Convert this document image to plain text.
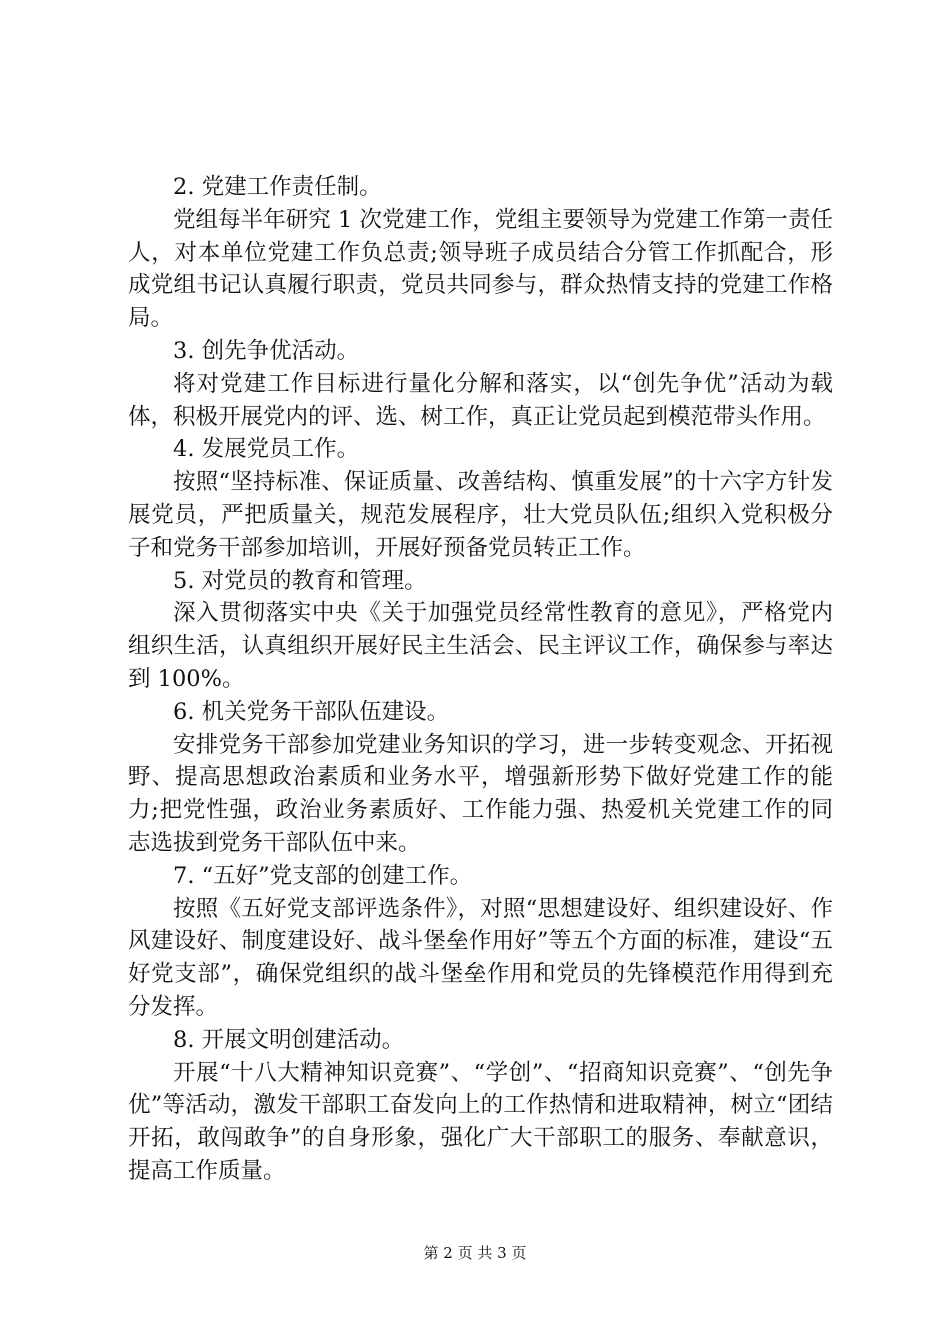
2. 党建工作责任制。

党组每半年研究 1 次党建工作，党组主要领导为党建工作第一责任人，对本单位党建工作负总责;领导班子成员结合分管工作抓配合，形成党组书记认真履行职责，党员共同参与，群众热情支持的党建工作格局。

3. 创先争优活动。

将对党建工作目标进行量化分解和落实，以“创先争优”活动为载体，积极开展党内的评、选、树工作，真正让党员起到模范带头作用。

4. 发展党员工作。

按照“坚持标准、保证质量、改善结构、慎重发展”的十六字方针发展党员，严把质量关，规范发展程序，壮大党员队伍;组织入党积极分子和党务干部参加培训，开展好预备党员转正工作。

5. 对党员的教育和管理。

深入贯彻落实中央《关于加强党员经常性教育的意见》，严格党内组织生活，认真组织开展好民主生活会、民主评议工作，确保参与率达到 100%。

6. 机关党务干部队伍建设。

安排党务干部参加党建业务知识的学习，进一步转变观念、开拓视野、提高思想政治素质和业务水平，增强新形势下做好党建工作的能力;把党性强，政治业务素质好、工作能力强、热爱机关党建工作的同志选拔到党务干部队伍中来。

7. “五好”党支部的创建工作。

按照《五好党支部评选条件》，对照“思想建设好、组织建设好、作风建设好、制度建设好、战斗堡垒作用好”等五个方面的标准，建设“五好党支部”，确保党组织的战斗堡垒作用和党员的先锋模范作用得到充分发挥。

8. 开展文明创建活动。

开展“十八大精神知识竞赛”、“学创”、“招商知识竞赛”、“创先争优”等活动，激发干部职工奋发向上的工作热情和进取精神，树立“团结开拓，敢闯敢争”的自身形象，强化广大干部职工的服务、奉献意识，提高工作质量。

第 2 页 共 3 页
